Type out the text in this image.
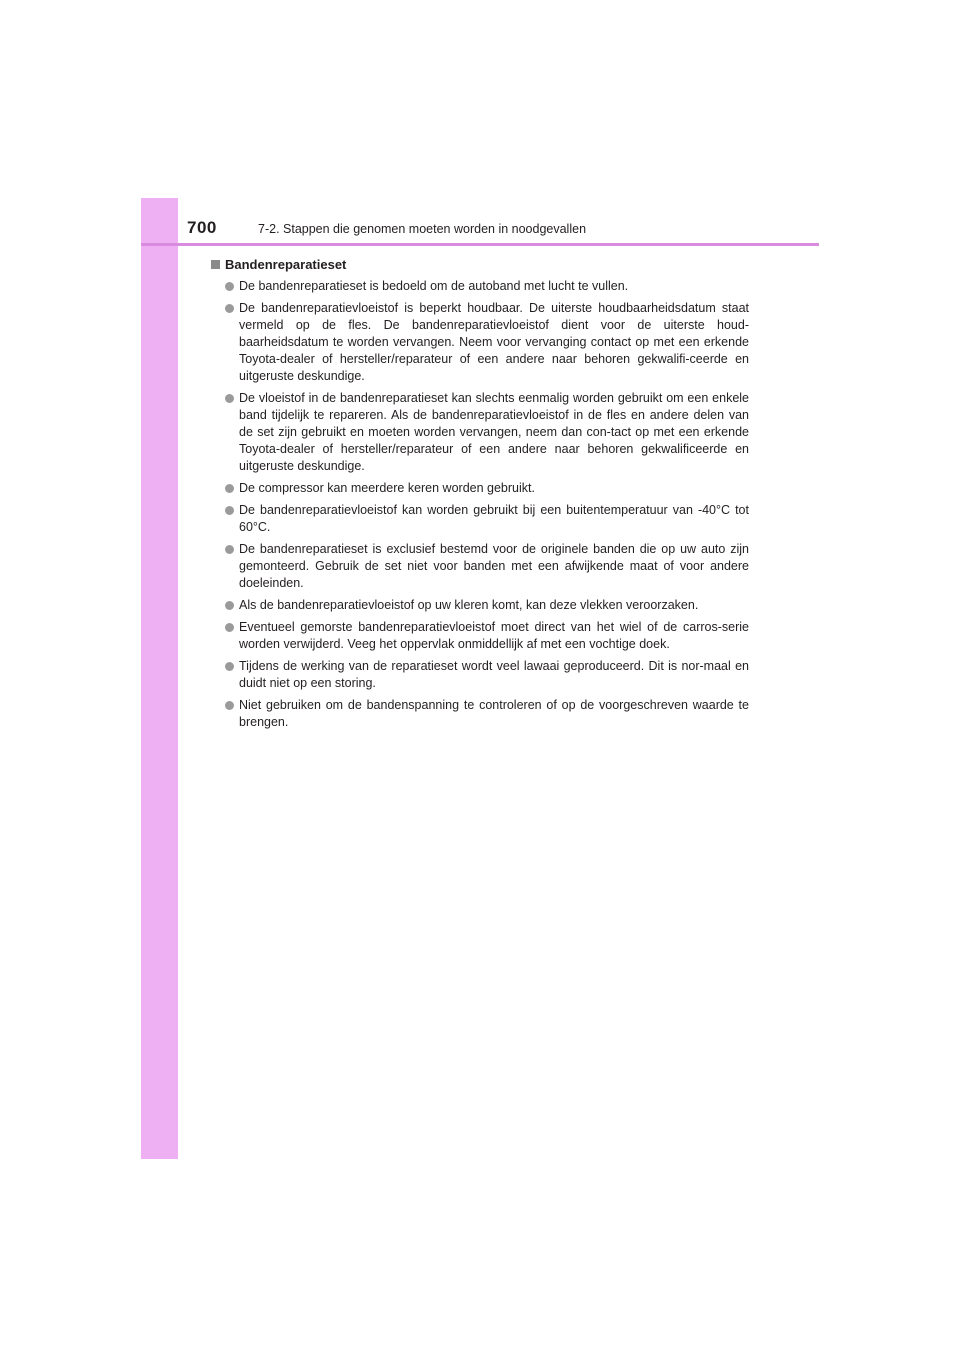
700	7-2. Stappen die genomen moeten worden in noodgevallen
Bandenreparatieset
De bandenreparatieset is bedoeld om de autoband met lucht te vullen.
De bandenreparatievloeistof is beperkt houdbaar. De uiterste houdbaarheidsdatum staat vermeld op de fles. De bandenreparatievloeistof dient voor de uiterste houd-baarheidsdatum te worden vervangen. Neem voor vervanging contact op met een erkende Toyota-dealer of hersteller/reparateur of een andere naar behoren gekwalifi-ceerde en uitgeruste deskundige.
De vloeistof in de bandenreparatieset kan slechts eenmalig worden gebruikt om een enkele band tijdelijk te repareren. Als de bandenreparatievloeistof in de fles en andere delen van de set zijn gebruikt en moeten worden vervangen, neem dan con-tact op met een erkende Toyota-dealer of hersteller/reparateur of een andere naar behoren gekwalificeerde en uitgeruste deskundige.
De compressor kan meerdere keren worden gebruikt.
De bandenreparatievloeistof kan worden gebruikt bij een buitentemperatuur van -40°C tot 60°C.
De bandenreparatieset is exclusief bestemd voor de originele banden die op uw auto zijn gemonteerd. Gebruik de set niet voor banden met een afwijkende maat of voor andere doeleinden.
Als de bandenreparatievloeistof op uw kleren komt, kan deze vlekken veroorzaken.
Eventueel gemorste bandenreparatievloeistof moet direct van het wiel of de carros-serie worden verwijderd. Veeg het oppervlak onmiddellijk af met een vochtige doek.
Tijdens de werking van de reparatieset wordt veel lawaai geproduceerd. Dit is nor-maal en duidt niet op een storing.
Niet gebruiken om de bandenspanning te controleren of op de voorgeschreven waarde te brengen.
